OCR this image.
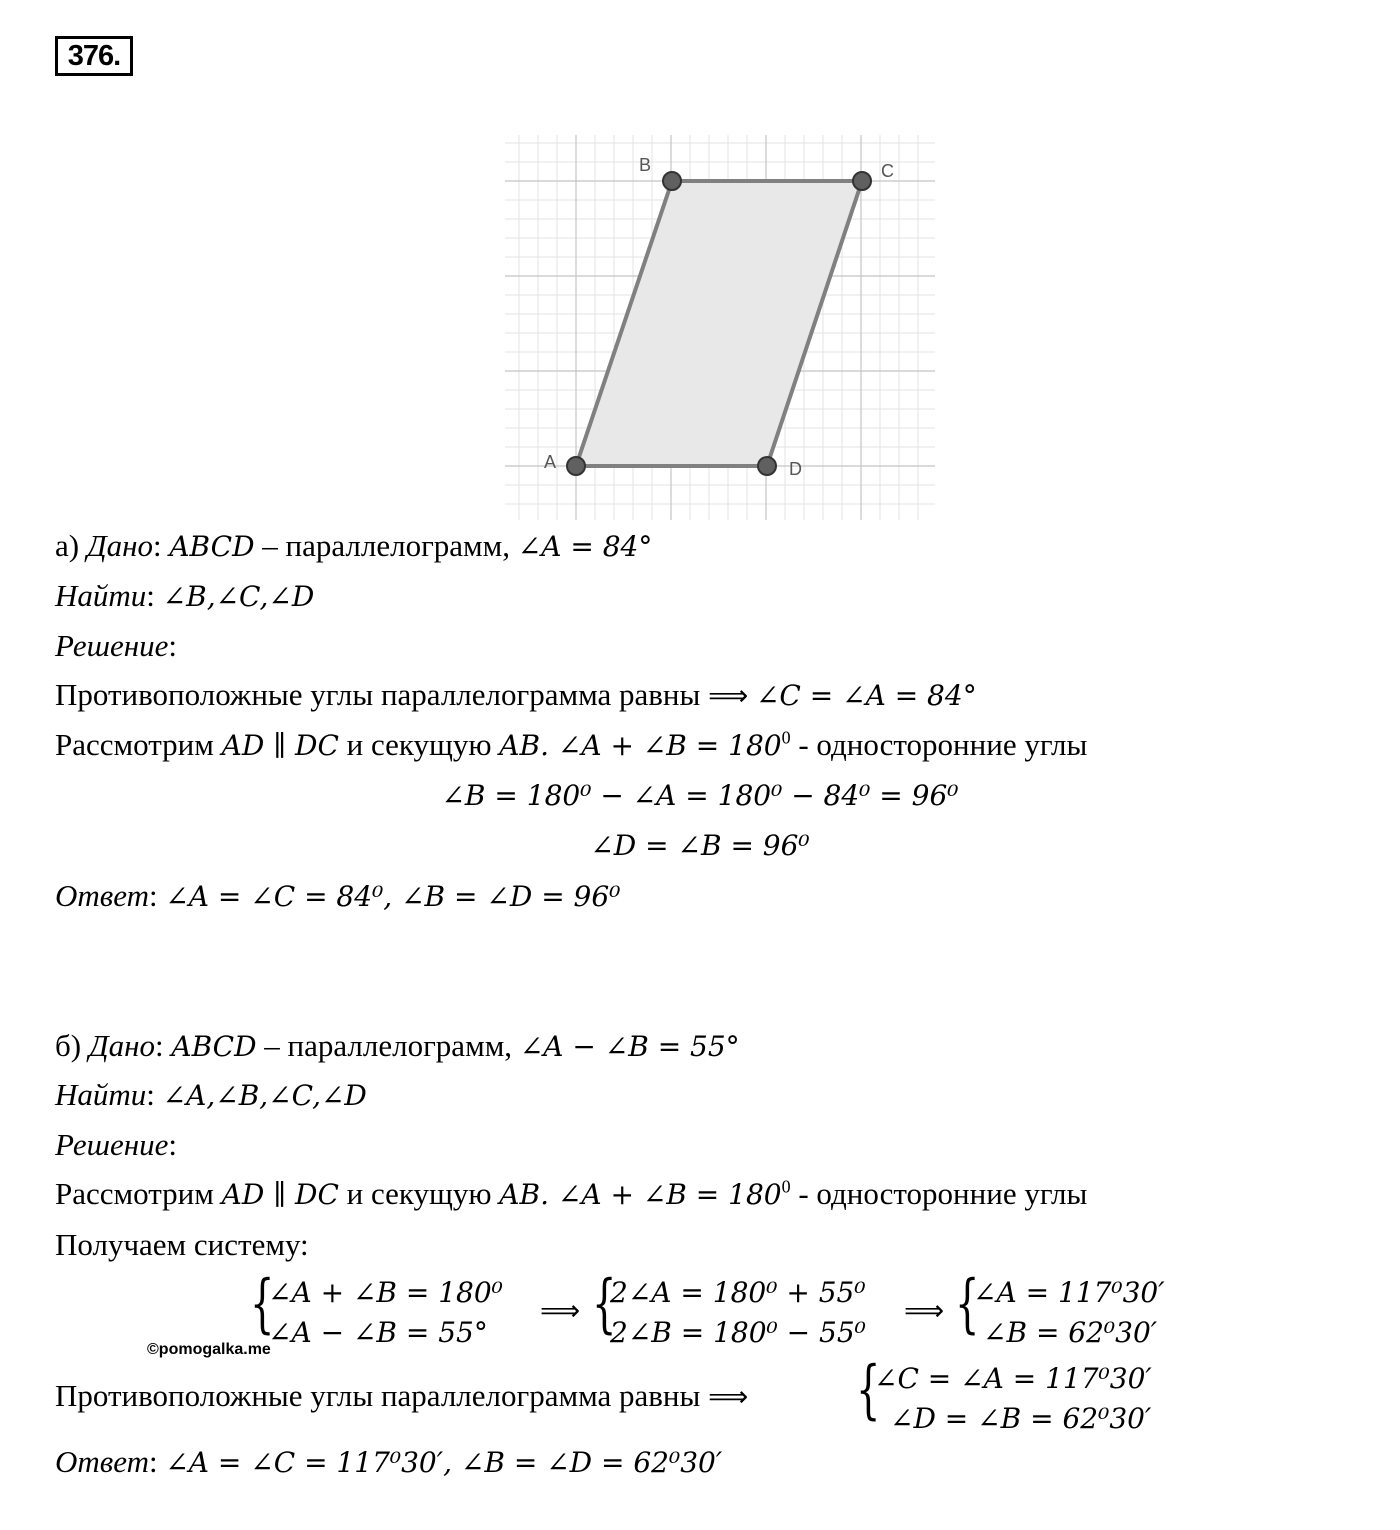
376.
A
B	C
D
а) Дано: ABCD – параллелограмм, ∠A = 84°
Найти: ∠B,∠C,∠D
Решение:
Противоположные углы параллелограмма равны ⟹ ∠C = ∠A = 84°
Рассмотрим AD ∥ DC и секущую AB. ∠A + ∠B = $180^0$ - односторонние углы
∠B = 180⁰ − ∠A = 180⁰ − 84⁰ = 96⁰
∠D = ∠B = 96⁰
Ответ: ∠A = ∠C = 84⁰, ∠B = ∠D = 96⁰
б) Дано: ABCD – параллелограмм, ∠A − ∠B = 55°
Найти: ∠A,∠B,∠C,∠D
Решение:
Рассмотрим AD ∥ DC и секущую AB. ∠A + ∠B = $180^0$ - односторонние углы
Получаем систему:
{
∠A + ∠B = 180⁰
∠A − ∠B = 55°
⟹ {
2∠A = 180⁰ + 55⁰
2∠B = 180⁰ − 55⁰
⟹ {
∠A = 117⁰30′
∠B = 62⁰30′
©pomogalka.me
Противоположные углы параллелограмма равны ⟹ {
∠C = ∠A = 117⁰30′
∠D = ∠B = 62⁰30′
Ответ: ∠A = ∠C = 117⁰30′, ∠B = ∠D = 62⁰30′
